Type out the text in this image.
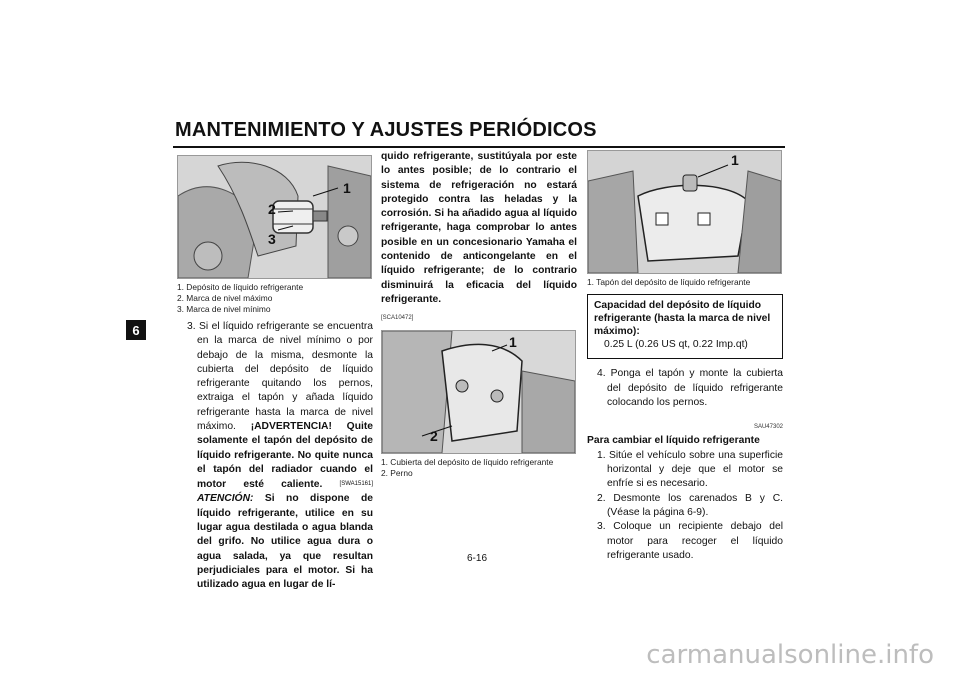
MANTENIMIENTO Y AJUSTES PERIÓDICOS
6
1
2
3
1. Depósito de líquido refrigerante
2. Marca de nivel máximo
3. Marca de nivel mínimo
3. Si el líquido refrigerante se encuentra en la marca de nivel mínimo o por debajo de la misma, desmonte la cubierta del depósito de líquido refrigerante quitando los pernos, extraiga el tapón y añada líquido refrigerante hasta la marca de nivel máximo. ¡ADVERTENCIA! Quite solamente el tapón del depósito de líquido refrigerante. No quite nunca el tapón del radiador cuando el motor esté caliente.	[SWA15161] ATENCIÓN: Si no dispone de líquido refrigerante, utilice en su lugar agua destilada o agua blanda del grifo. No utilice agua dura o agua salada, ya que resultan perjudiciales para el motor. Si ha utilizado agua en lugar de lí-
quido refrigerante, sustitúyala por este lo antes posible; de lo contrario el sistema de refrigeración no estará protegido contra las heladas y la corrosión. Si ha añadido agua al líquido refrigerante, haga comprobar lo antes posible en un concesionario Yamaha el contenido de anticongelante en el líquido refrigerante; de lo contrario disminuirá la eficacia del líquido refrigerante.
[SCA10472]
1
2
1. Cubierta del depósito de líquido refrigerante
2. Perno
1
1. Tapón del depósito de líquido refrigerante
Capacidad del depósito de líquido refrigerante (hasta la marca de nivel máximo):
0.25 L (0.26 US qt, 0.22 Imp.qt)
4. Ponga el tapón y monte la cubierta del depósito de líquido refrigerante colocando los pernos.
SAU47302
Para cambiar el líquido refrigerante
1. Sitúe el vehículo sobre una superficie horizontal y deje que el motor se enfríe si es necesario.
2. Desmonte los carenados B y C. (Véase la página 6-9).
3. Coloque un recipiente debajo del motor para recoger el líquido refrigerante usado.
6-16
carmanualsonline.info
